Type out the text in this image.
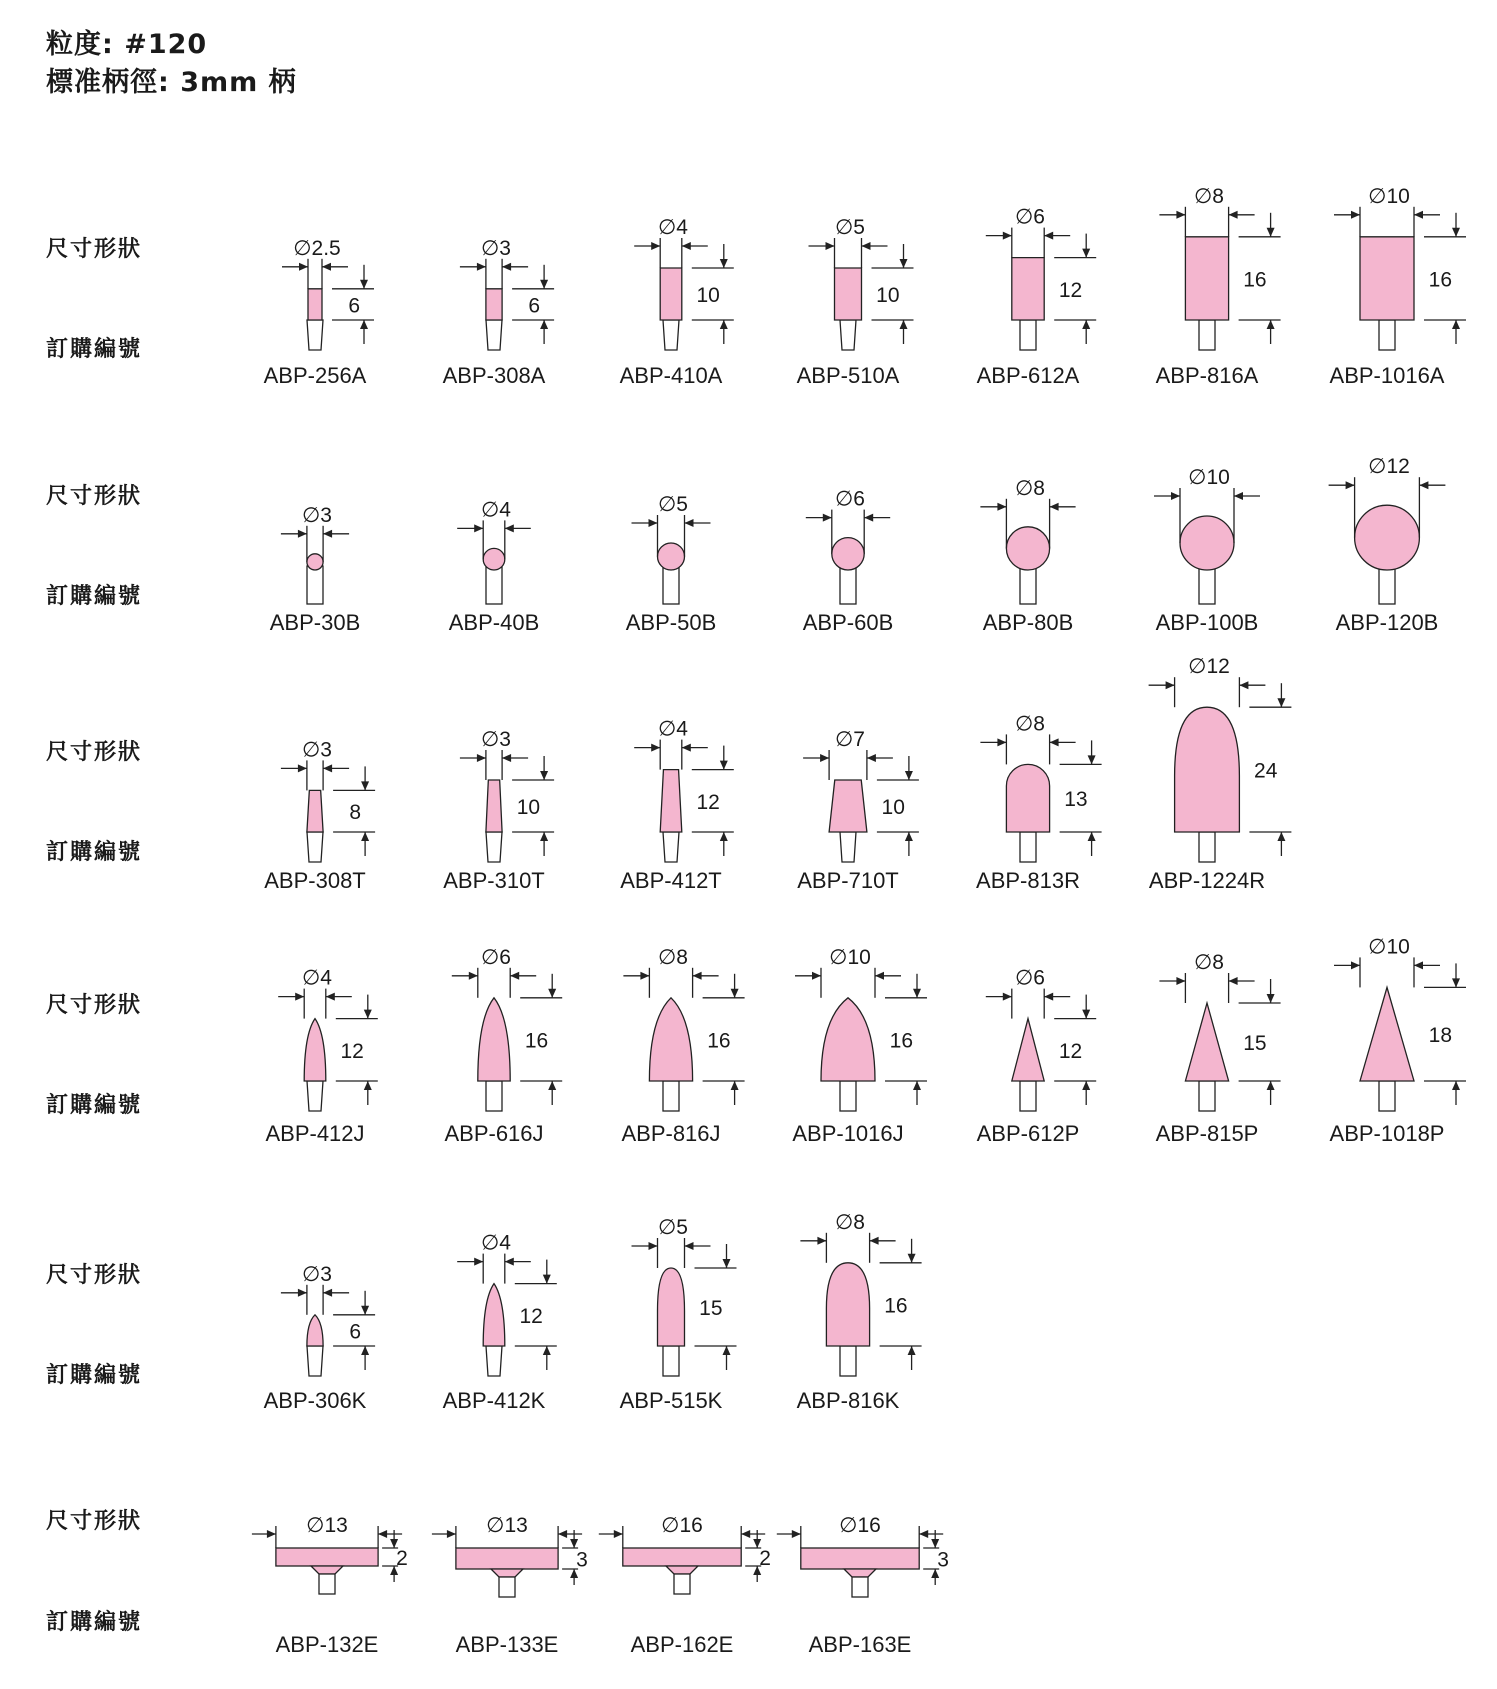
粒度: #120
標准柄徑: 3mm 柄
尺寸形狀
訂購編號
尺寸形狀
訂購編號
尺寸形狀
訂購編號
尺寸形狀
訂購編號
尺寸形狀
訂購編號
尺寸形狀
訂購編號
∅2.5
6
ABP-256A
∅3
6
ABP-308A
∅4
10
ABP-410A
∅5
10
ABP-510A
∅6
12
ABP-612A
∅8
16
ABP-816A
∅10
16
ABP-1016A
∅3
ABP-30B
∅4
ABP-40B
∅5
ABP-50B
∅6
ABP-60B
∅8
ABP-80B
∅10
ABP-100B
∅12
ABP-120B
∅3
8
ABP-308T
∅3
10
ABP-310T
∅4
12
ABP-412T
∅7
10
ABP-710T
∅8
13
ABP-813R
∅12
24
ABP-1224R
∅4
12
ABP-412J
∅6
16
ABP-616J
∅8
16
ABP-816J
∅10
16
ABP-1016J
∅6
12
ABP-612P
∅8
15
ABP-815P
∅10
18
ABP-1018P
∅3
6
ABP-306K
∅4
12
ABP-412K
∅5
15
ABP-515K
∅8
16
ABP-816K
∅13
2
ABP-132E
∅13
3
ABP-133E
∅16
2
ABP-162E
∅16
3
ABP-163E
